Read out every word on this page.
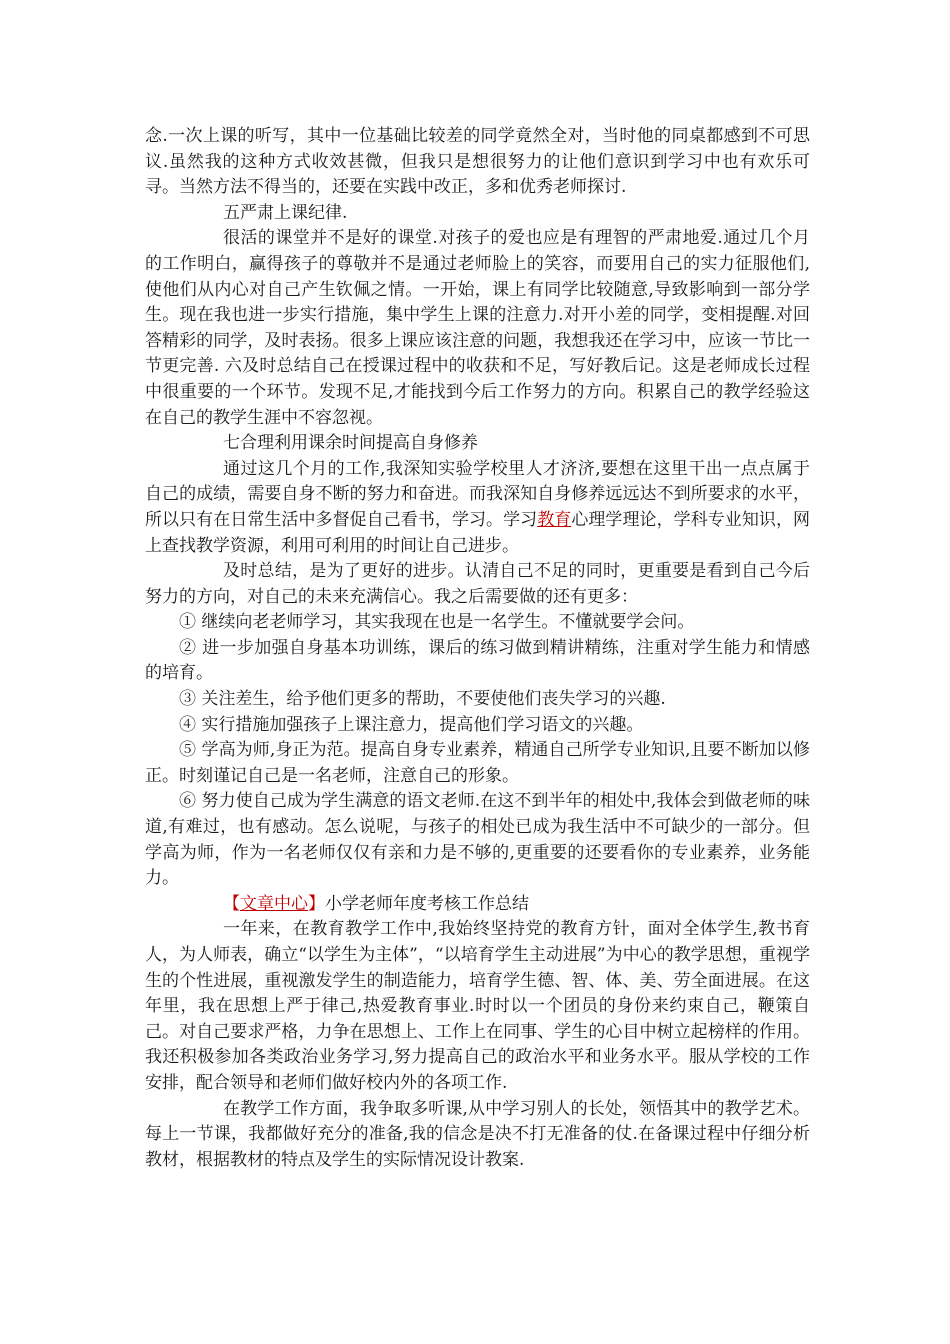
念.一次上课的听写，其中一位基础比较差的同学竟然全对，当时他的同桌都感到不可思议.虽然我的这种方式收效甚微，但我只是想很努力的让他们意识到学习中也有欢乐可寻。当然方法不得当的，还要在实践中改正，多和优秀老师探讨.

五严肃上课纪律.

很活的课堂并不是好的课堂.对孩子的爱也应是有理智的严肃地爱.通过几个月的工作明白，赢得孩子的尊敬并不是通过老师脸上的笑容，而要用自己的实力征服他们,使他们从内心对自己产生钦佩之情。一开始，课上有同学比较随意,导致影响到一部分学生。现在我也进一步实行措施，集中学生上课的注意力.对开小差的同学，变相提醒.对回答精彩的同学，及时表扬。很多上课应该注意的问题，我想我还在学习中，应该一节比一节更完善. 六及时总结自己在授课过程中的收获和不足，写好教后记。这是老师成长过程中很重要的一个环节。发现不足,才能找到今后工作努力的方向。积累自己的教学经验这在自己的教学生涯中不容忽视。

七合理利用课余时间提高自身修养

通过这几个月的工作,我深知实验学校里人才济济,要想在这里干出一点点属于自己的成绩，需要自身不断的努力和奋进。而我深知自身修养远远达不到所要求的水平，所以只有在日常生活中多督促自己看书，学习。学习教育心理学理论，学科专业知识，网上查找教学资源，利用可利用的时间让自己进步。

及时总结，是为了更好的进步。认清自己不足的同时，更重要是看到自己今后努力的方向，对自己的未来充满信心。我之后需要做的还有更多：

① 继续向老老师学习，其实我现在也是一名学生。不懂就要学会问。

② 进一步加强自身基本功训练，课后的练习做到精讲精练，注重对学生能力和情感的培育。

③ 关注差生，给予他们更多的帮助，不要使他们丧失学习的兴趣.

④ 实行措施加强孩子上课注意力，提高他们学习语文的兴趣。

⑤ 学高为师,身正为范。提高自身专业素养，精通自己所学专业知识,且要不断加以修正。时刻谨记自己是一名老师，注意自己的形象。

⑥ 努力使自己成为学生满意的语文老师.在这不到半年的相处中,我体会到做老师的味道,有难过，也有感动。怎么说呢，与孩子的相处已成为我生活中不可缺少的一部分。但学高为师，作为一名老师仅仅有亲和力是不够的,更重要的还要看你的专业素养，业务能力。

【文章中心】小学老师年度考核工作总结

一年来，在教育教学工作中,我始终坚持党的教育方针，面对全体学生,教书育人，为人师表，确立“以学生为主体”，“以培育学生主动进展”为中心的教学思想，重视学生的个性进展，重视激发学生的制造能力，培育学生德、智、体、美、劳全面进展。在这年里，我在思想上严于律己,热爱教育事业.时时以一个团员的身份来约束自己，鞭策自己。对自己要求严格，力争在思想上、工作上在同事、学生的心目中树立起榜样的作用。我还积极参加各类政治业务学习,努力提高自己的政治水平和业务水平。服从学校的工作安排，配合领导和老师们做好校内外的各项工作.

在教学工作方面，我争取多听课,从中学习别人的长处，领悟其中的教学艺术。每上一节课，我都做好充分的准备,我的信念是决不打无准备的仗.在备课过程中仔细分析教材，根据教材的特点及学生的实际情况设计教案.
